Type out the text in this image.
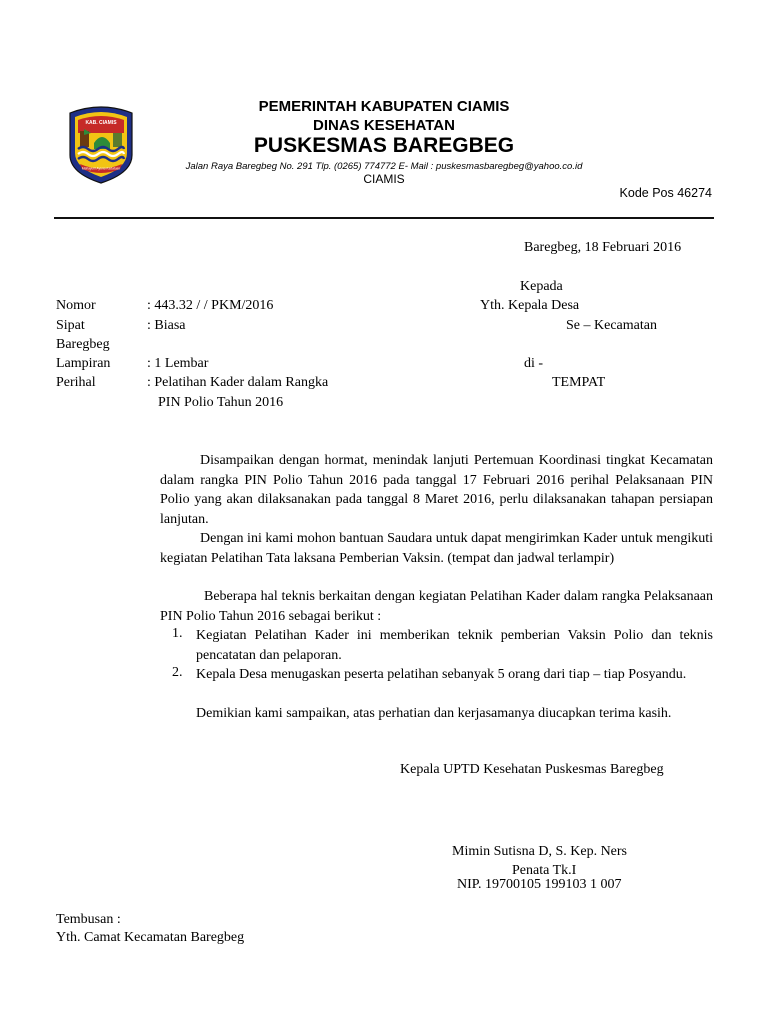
KAB. CIAMIS
Mahayuni Ayuna Kadatuan
PEMERINTAH KABUPATEN CIAMIS
DINAS KESEHATAN
PUSKESMAS BAREGBEG
Jalan Raya Baregbeg No. 291 Tlp. (0265) 774772 E- Mail : puskesmasbaregbeg@yahoo.co.id
CIAMIS
Kode Pos 46274
Baregbeg, 18 Februari 2016
Kepada
Yth. Kepala Desa
Se – Kecamatan
di -
TEMPAT
Nomor	: 443.32 / / PKM/2016
Sipat	: Biasa
Baregbeg
Lampiran	: 1 Lembar
Perihal	: Pelatihan Kader dalam Rangka
PIN Polio Tahun 2016
Disampaikan dengan hormat, menindak lanjuti Pertemuan Koordinasi tingkat Kecamatan dalam rangka PIN Polio Tahun 2016 pada tanggal 17 Februari 2016 perihal Pelaksanaan PIN Polio yang akan dilaksanakan pada tanggal 8 Maret 2016, perlu dilaksanakan tahapan persiapan lanjutan.
Dengan ini kami mohon bantuan Saudara untuk dapat mengirimkan Kader untuk mengikuti kegiatan Pelatihan Tata laksana Pemberian Vaksin. (tempat dan jadwal terlampir)
Beberapa hal teknis berkaitan dengan kegiatan Pelatihan Kader dalam rangka Pelaksanaan PIN Polio Tahun 2016 sebagai berikut :
1. Kegiatan Pelatihan Kader ini memberikan teknik pemberian Vaksin Polio dan teknis pencatatan dan pelaporan.
2. Kepala Desa menugaskan peserta pelatihan sebanyak 5 orang dari tiap – tiap Posyandu.
Demikian kami sampaikan, atas perhatian dan kerjasamanya diucapkan terima kasih.
Kepala UPTD Kesehatan Puskesmas Baregbeg
Mimin Sutisna D, S. Kep. Ners
Penata Tk.I
NIP. 19700105 199103 1 007
Tembusan :
Yth. Camat Kecamatan Baregbeg
